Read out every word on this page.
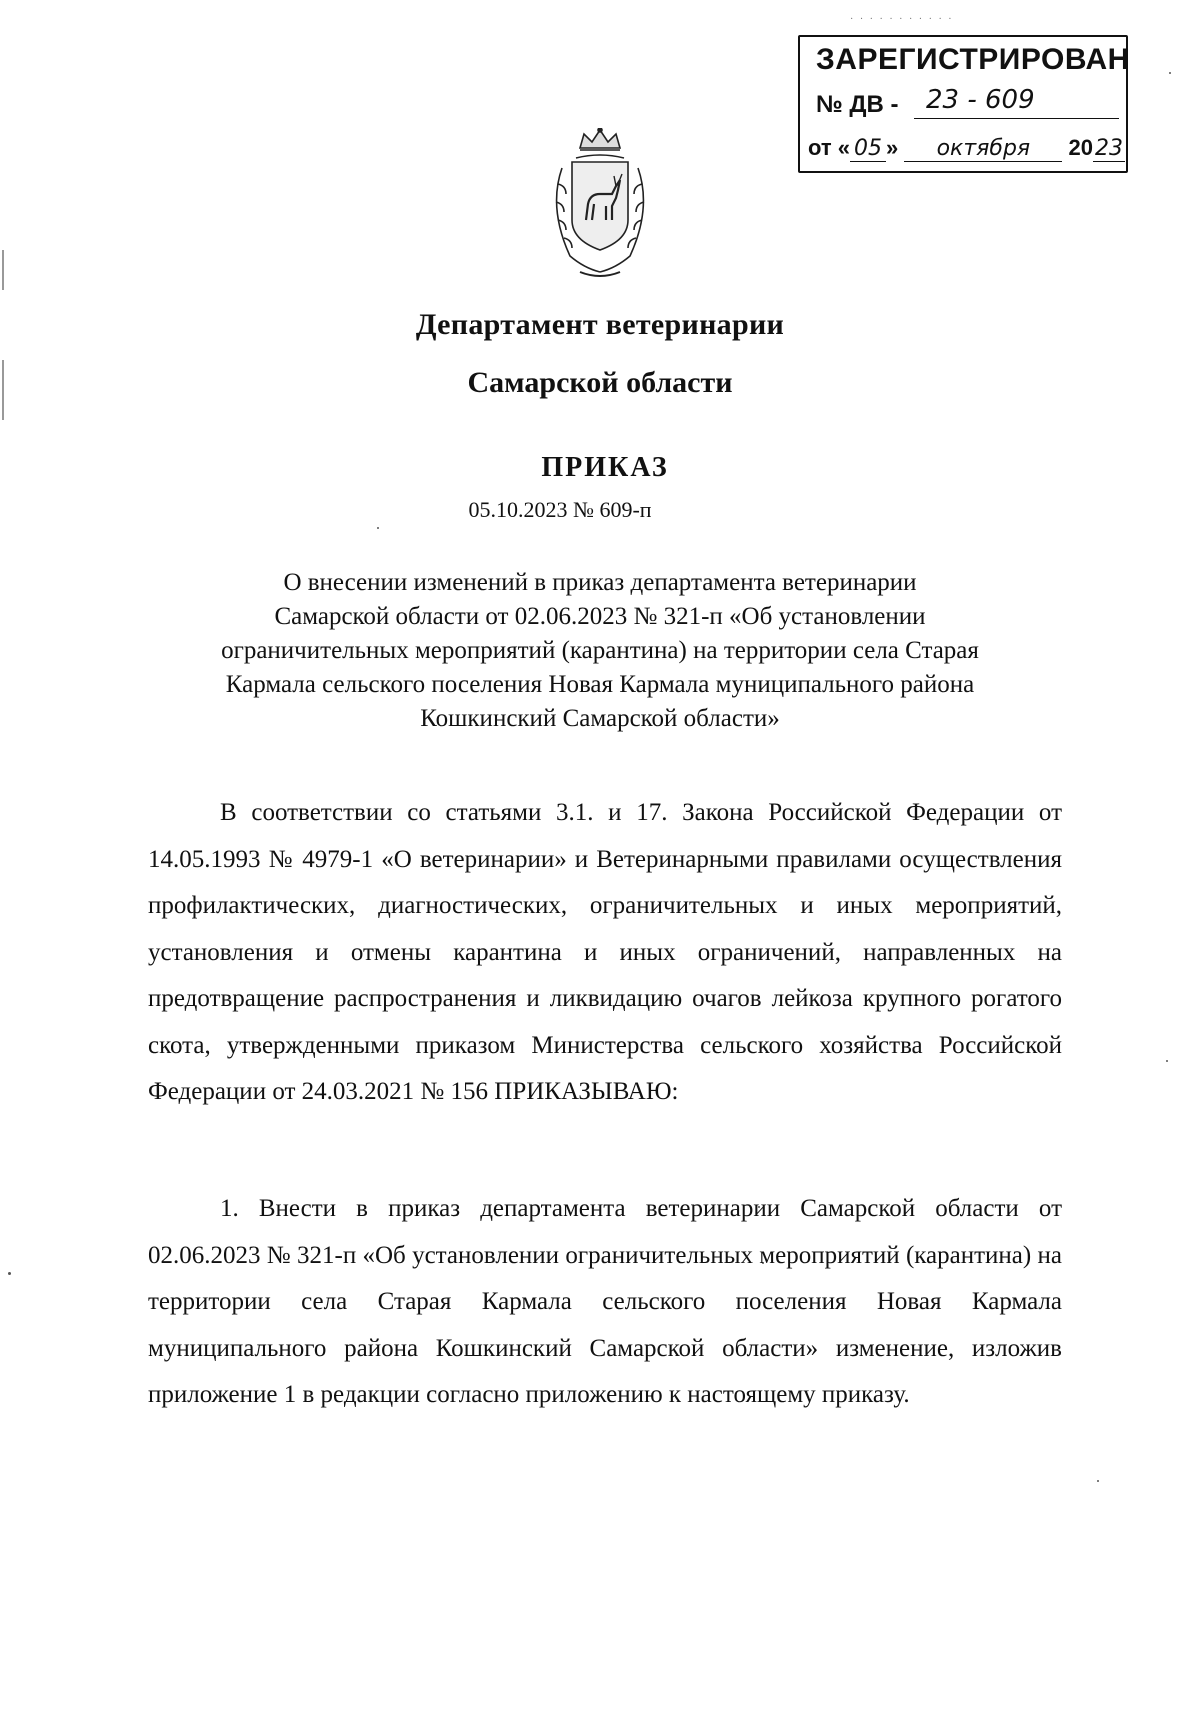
· · · · · · · · · · ·
ЗАРЕГИСТРИРОВАН
№ ДВ -	23 - 609
от « 05 » октября 2023
Департамент ветеринарии
Самарской области
ПРИКАЗ
05.10.2023 № 609-п
О внесении изменений в приказ департамента ветеринарии
Самарской области от 02.06.2023 № 321-п «Об установлении
ограничительных мероприятий (карантина) на территории села Старая
Кармала сельского поселения Новая Кармала муниципального района
Кошкинский Самарской области»
В соответствии со статьями 3.1. и 17. Закона Российской Федерации от 14.05.1993 № 4979-1 «О ветеринарии» и Ветеринарными правилами осуществления профилактических, диагностических, ограничительных и иных мероприятий, установления и отмены карантина и иных ограничений, направленных на предотвращение распространения и ликвидацию очагов лейкоза крупного рогатого скота, утвержденными приказом Министерства сельского хозяйства Российской Федерации от 24.03.2021 № 156 ПРИКАЗЫВАЮ:
1. Внести в приказ департамента ветеринарии Самарской области от 02.06.2023 № 321-п «Об установлении ограничительных мероприятий (карантина) на территории села Старая Кармала сельского поселения Новая Кармала муниципального района Кошкинский Самарской области» изменение, изложив приложение 1 в редакции согласно приложению к настоящему приказу.
